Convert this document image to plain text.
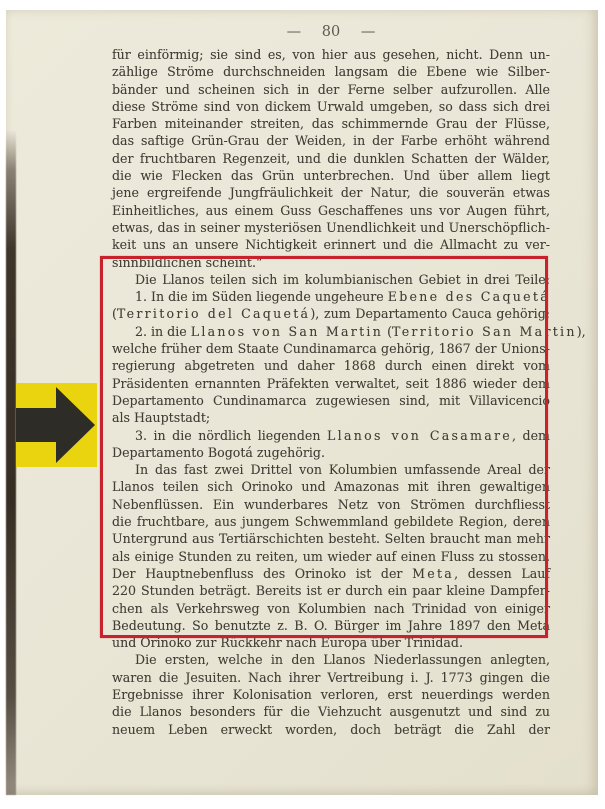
— 80 —
für einförmig; sie sind es, von hier aus gesehen, nicht. Denn un-
zählige Ströme durchschneiden langsam die Ebene wie Silber-
bänder und scheinen sich in der Ferne selber aufzurollen. Alle
diese Ströme sind von dickem Urwald umgeben, so dass sich drei
Farben miteinander streiten, das schimmernde Grau der Flüsse,
das saftige Grün-Grau der Weiden, in der Farbe erhöht während
der fruchtbaren Regenzeit, und die dunklen Schatten der Wälder,
die wie Flecken das Grün unterbrechen. Und über allem liegt
jene ergreifende Jungfräulichkeit der Natur, die souverän etwas
Einheitliches, aus einem Guss Geschaffenes uns vor Augen führt,
etwas, das in seiner mysteriösen Unendlichkeit und Unerschöpflich-
keit uns an unsere Nichtigkeit erinnert und die Allmacht zu ver-
sinnbildlichen scheint.“
Die Llanos teilen sich im kolumbianischen Gebiet in drei Teile:
1. In die im Süden liegende ungeheure Ebene des Caquetá
(Territorio del Caquetá), zum Departamento Cauca gehörig;
2. in die Llanos von San Martin (Territorio San Martin),
welche früher dem Staate Cundinamarca gehörig, 1867 der Unions-
regierung abgetreten und daher 1868 durch einen direkt vom
Präsidenten ernannten Präfekten verwaltet, seit 1886 wieder dem
Departamento Cundinamarca zugewiesen sind, mit Villavicencio
als Hauptstadt;
3. in die nördlich liegenden Llanos von Casamare, dem
Departamento Bogotá zugehörig.
In das fast zwei Drittel von Kolumbien umfassende Areal der
Llanos teilen sich Orinoko und Amazonas mit ihren gewaltigen
Nebenflüssen. Ein wunderbares Netz von Strömen durchfliesst
die fruchtbare, aus jungem Schwemmland gebildete Region, deren
Untergrund aus Tertiärschichten besteht. Selten braucht man mehr
als einige Stunden zu reiten, um wieder auf einen Fluss zu stossen.
Der Hauptnebenfluss des Orinoko ist der Meta, dessen Lauf
220 Stunden beträgt. Bereits ist er durch ein paar kleine Dampfer-
chen als Verkehrsweg von Kolumbien nach Trinidad von einiger
Bedeutung. So benutzte z. B. O. Bürger im Jahre 1897 den Meta
und Orinoko zur Rückkehr nach Europa über Trinidad.
Die ersten, welche in den Llanos Niederlassungen anlegten,
waren die Jesuiten. Nach ihrer Vertreibung i. J. 1773 gingen die
Ergebnisse ihrer Kolonisation verloren, erst neuerdings werden
die Llanos besonders für die Viehzucht ausgenutzt und sind zu
neuem Leben erweckt worden, doch beträgt die Zahl der
